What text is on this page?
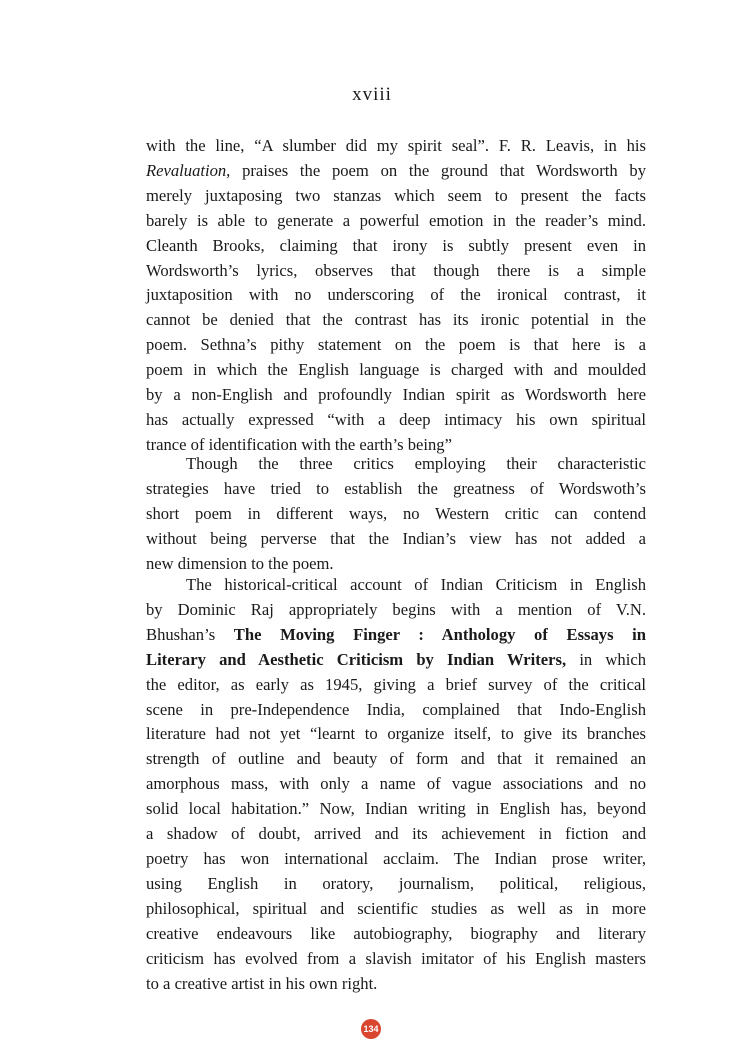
xviii
with the line, “A slumber did my spirit seal”. F. R. Leavis, in his
Revaluation, praises the poem on the ground that Wordsworth by
merely juxtaposing two stanzas which seem to present the facts
barely is able to generate a powerful emotion in the reader’s mind.
Cleanth Brooks, claiming that irony is subtly present even in
Wordsworth’s lyrics, observes that though there is a simple
juxtaposition with no underscoring of the ironical contrast, it
cannot be denied that the contrast has its ironic potential in the
poem. Sethna’s pithy statement on the poem is that here is a
poem in which the English language is charged with and moulded
by a non-English and profoundly Indian spirit as Wordsworth here
has actually expressed “with a deep intimacy his own spiritual
trance of identification with the earth’s being”
Though the three critics employing their characteristic
strategies have tried to establish the greatness of Wordswoth’s
short poem in different ways, no Western critic can contend
without being perverse that the Indian’s view has not added a
new dimension to the poem.
The historical-critical account of Indian Criticism in English
by Dominic Raj appropriately begins with a mention of V.N.
Bhushan’s The Moving Finger : Anthology of Essays in
Literary and Aesthetic Criticism by Indian Writers, in which
the editor, as early as 1945, giving a brief survey of the critical
scene in pre-Independence India, complained that Indo-English
literature had not yet “learnt to organize itself, to give its branches
strength of outline and beauty of form and that it remained an
amorphous mass, with only a name of vague associations and no
solid local habitation.” Now, Indian writing in English has, beyond
a shadow of doubt, arrived and its achievement in fiction and
poetry has won international acclaim. The Indian prose writer,
using English in oratory, journalism, political, religious,
philosophical, spiritual and scientific studies as well as in more
creative endeavours like autobiography, biography and literary
criticism has evolved from a slavish imitator of his English masters
to a creative artist in his own right.
134
